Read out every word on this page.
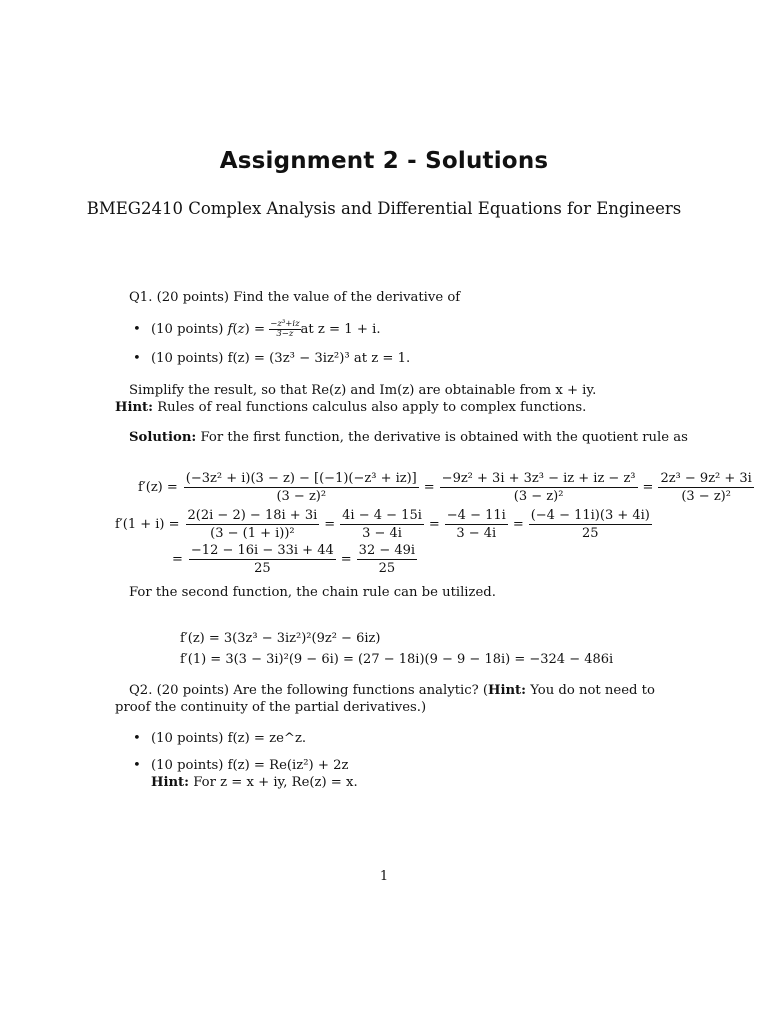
Assignment 2 - Solutions
BMEG2410 Complex Analysis and Differential Equations for Engineers
Q1. (20 points) Find the value of the derivative of
• (10 points) $f(z) = \frac{\text{−z³+iz}}{3-z}$ at z = 1 + i.
• (10 points) f(z) = (3z³ − 3iz²)³ at z = 1.
Simplify the result, so that Re(z) and Im(z) are obtainable from x + iy.
Hint: Rules of real functions calculus also apply to complex functions.
Solution: For the first function, the derivative is obtained with the quotient rule as
$f'(z) = \frac{\text{(−3z² + i)(3 − z) − [(−1)(−z³ + iz)]}}{\text{(3 − z)²}} = \frac{\text{−9z² + 3i + 3z³ − iz + iz − z³}}{\text{(3 − z)²}} = \frac{\text{2z³ − 9z² + 3i}}{\text{(3 − z)²}}$
$f'(1 + i) = \frac{2(2i - 2) - 18i + 3i}{\text{(3 − (1 + i))²}} = \frac{4i - 4 - 15i}{3 - 4i} = \frac{-4 - 11i}{3 - 4i} = \frac{(-4 - 11i)(3 + 4i)}{25}$
= $\frac{-12 - 16i - 33i + 44}{25} = \frac{32 - 49i}{25}$
For the second function, the chain rule can be utilized.
f′(z) = 3(3z³ − 3iz²)²(9z² − 6iz)
f′(1) = 3(3 − 3i)²(9 − 6i) = (27 − 18i)(9 − 9 − 18i) = −324 − 486i
Q2. (20 points) Are the following functions analytic? (Hint: You do not need to
proof the continuity of the partial derivatives.)
• (10 points) f(z) = ze^z.
• (10 points) f(z) = Re(iz²) + 2z
Hint: For z = x + iy, Re(z) = x.
1
